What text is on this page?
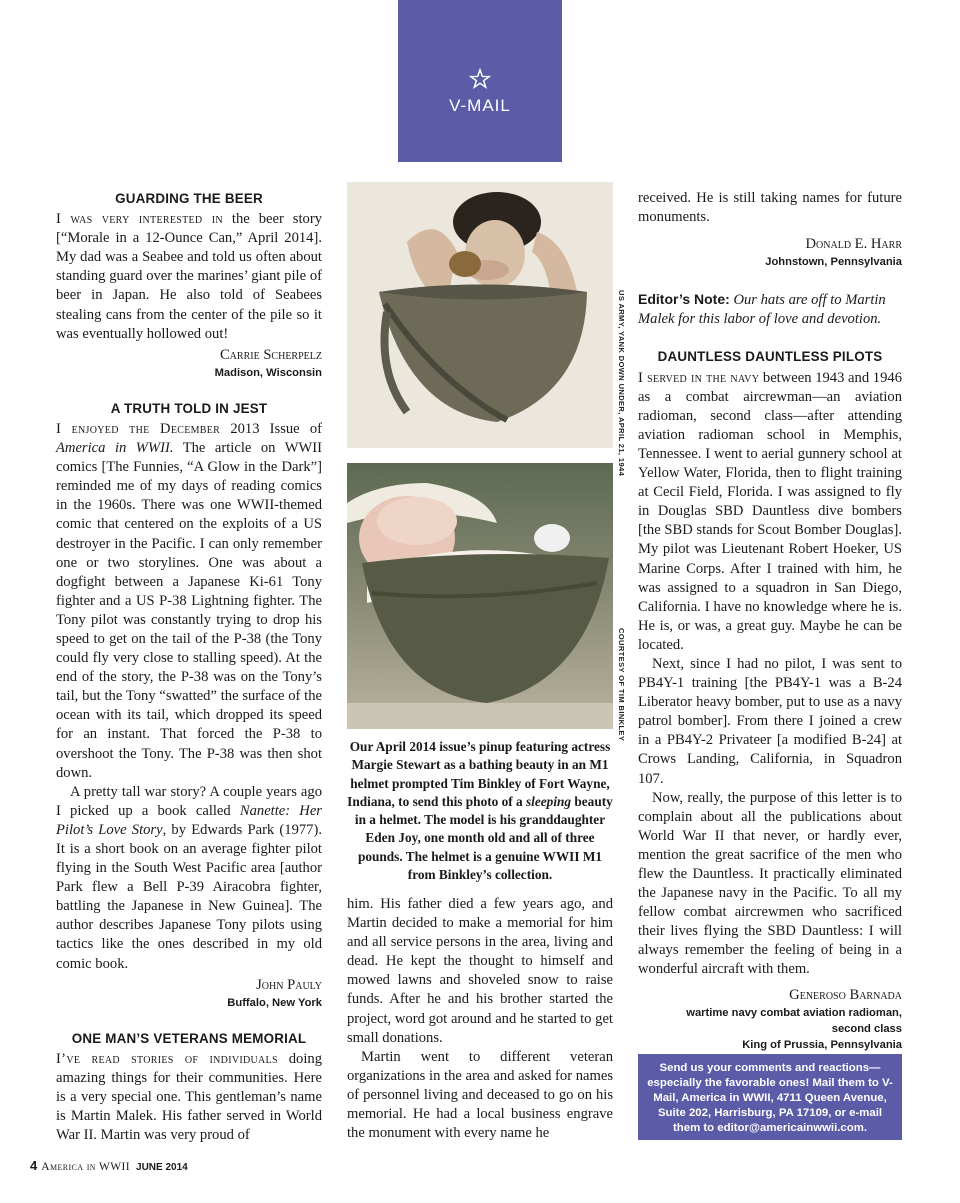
V-MAIL
GUARDING THE BEER

I was very interested in the beer story [“Morale in a 12-Ounce Can,” April 2014]. My dad was a Seabee and told us often about standing guard over the marines’ giant pile of beer in Japan. He also told of Seabees stealing cans from the center of the pile so it was eventually hollowed out!

Carrie Scherpelz
Madison, Wisconsin
A TRUTH TOLD IN JEST

I enjoyed the December 2013 Issue of America in WWII. The article on WWII comics [The Funnies, “A Glow in the Dark”] reminded me of my days of reading comics in the 1960s. There was one WWII-themed comic that centered on the exploits of a US destroyer in the Pacific. I can only remember one or two storylines. One was about a dogfight between a Japanese Ki-61 Tony fighter and a US P-38 Lightning fighter. The Tony pilot was constantly trying to drop his speed to get on the tail of the P-38 (the Tony could fly very close to stalling speed). At the end of the story, the P-38 was on the Tony’s tail, but the Tony “swatted” the surface of the ocean with its tail, which dropped its speed for an instant. That forced the P-38 to overshoot the Tony. The P-38 was then shot down.

A pretty tall war story? A couple years ago I picked up a book called Nanette: Her Pilot’s Love Story, by Edwards Park (1977). It is a short book on an average fighter pilot flying in the South West Pacific area [author Park flew a Bell P-39 Airacobra fighter, battling the Japanese in New Guinea]. The author describes Japanese Tony pilots using tactics like the ones described in my old comic book.

John Pauly
Buffalo, New York
ONE MAN’S VETERANS MEMORIAL

I’ve read stories of individuals doing amazing things for their communities. Here is a very special one. This gentleman’s name is Martin Malek. His father served in World War II. Martin was very proud of

US ARMY, YANK DOWN UNDER, APRIL 21, 1944
COURTESY OF TIM BINKLEY
Our April 2014 issue’s pinup featuring actress Margie Stewart as a bathing beauty in an M1 helmet prompted Tim Binkley of Fort Wayne, Indiana, to send this photo of a sleeping beauty in a helmet. The model is his granddaughter Eden Joy, one month old and all of three pounds. The helmet is a genuine WWII M1 from Binkley’s collection.

him. His father died a few years ago, and Martin decided to make a memorial for him and all service persons in the area, living and dead. He kept the thought to himself and mowed lawns and shoveled snow to raise funds. After he and his brother started the project, word got around and he started to get small donations.

Martin went to different veteran organizations in the area and asked for names of personnel living and deceased to go on his memorial. He had a local business engrave the monument with every name he

received. He is still taking names for future monuments.

Donald E. Harr
Johnstown, Pennsylvania
Editor’s Note: Our hats are off to Martin Malek for this labor of love and devotion.
DAUNTLESS DAUNTLESS PILOTS

I served in the navy between 1943 and 1946 as a combat aircrewman—an aviation radioman, second class—after attending aviation radioman school in Memphis, Tennessee. I went to aerial gunnery school at Yellow Water, Florida, then to flight training at Cecil Field, Florida. I was assigned to fly in Douglas SBD Dauntless dive bombers [the SBD stands for Scout Bomber Douglas]. My pilot was Lieutenant Robert Hoeker, US Marine Corps. After I trained with him, he was assigned to a squadron in San Diego, California. I have no knowledge where he is. He is, or was, a great guy. Maybe he can be located.

Next, since I had no pilot, I was sent to PB4Y-1 training [the PB4Y-1 was a B-24 Liberator heavy bomber, put to use as a navy patrol bomber]. From there I joined a crew in a PB4Y-2 Privateer [a modified B-24] at Crows Landing, California, in Squadron 107.

Now, really, the purpose of this letter is to complain about all the publications about World War II that never, or hardly ever, mention the great sacrifice of the men who flew the Dauntless. It practically eliminated the Japanese navy in the Pacific. To all my fellow combat aircrewmen who sacrificed their lives flying the SBD Dauntless: I will always remember the feeling of being in a wonderful aircraft with them.

Generoso Barnada
wartime navy combat aviation radioman,
second class
King of Prussia, Pennsylvania
Send us your comments and reactions—especially the favorable ones! Mail them to V-Mail, America in WWII, 4711 Queen Avenue, Suite 202, Harrisburg, PA 17109, or e-mail them to editor@americainwwii.com.
4 America in WWII JUNE 2014
